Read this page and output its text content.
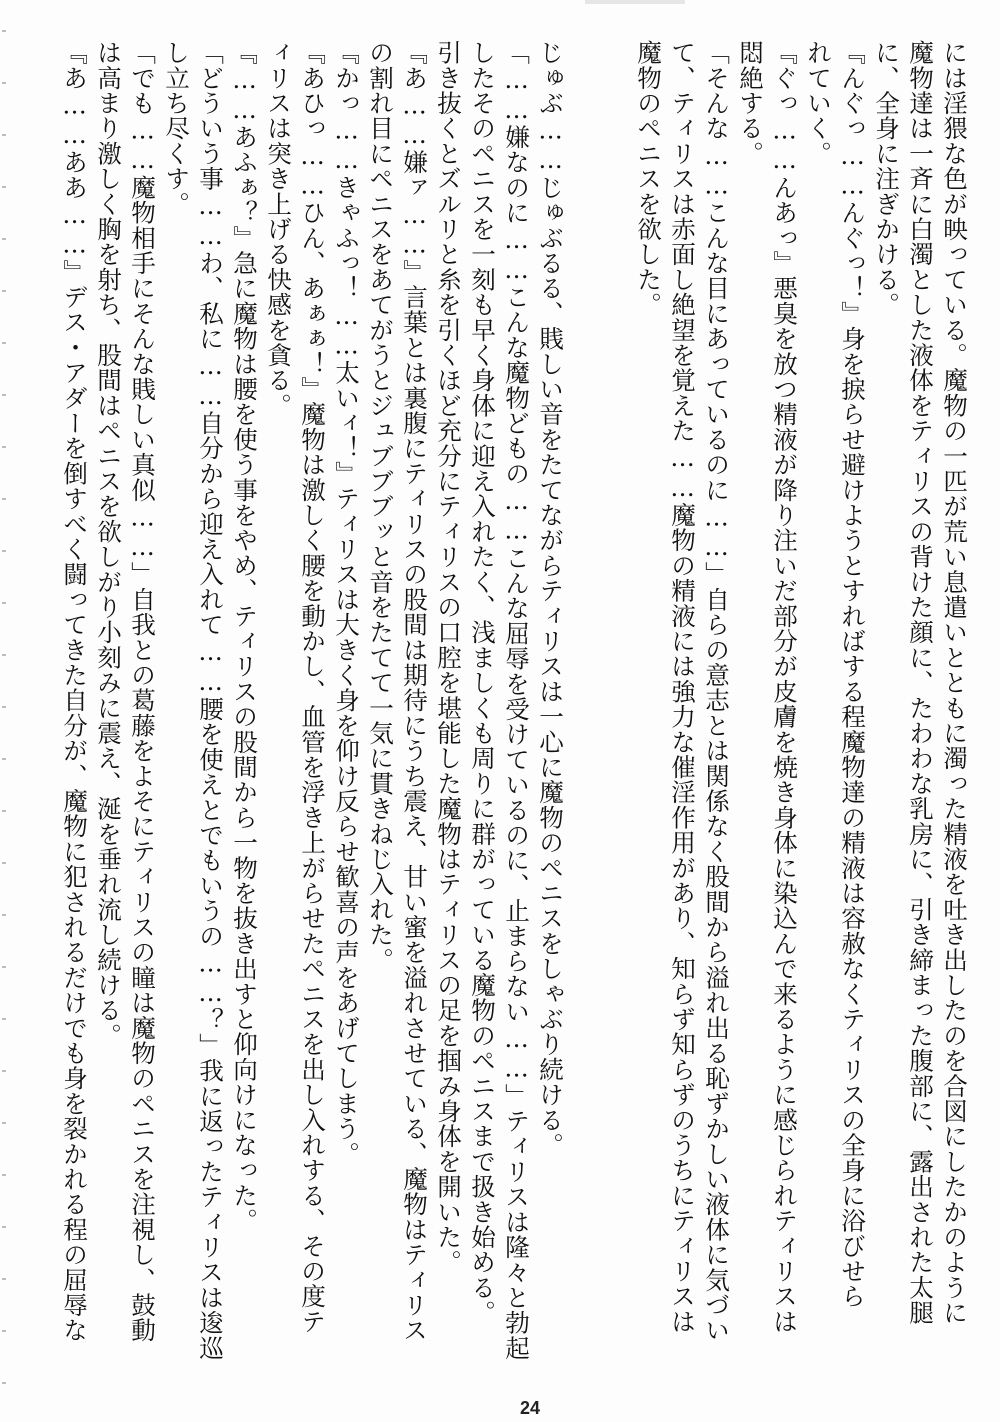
には淫猥な色が映っている。魔物の一匹が荒い息遣いとともに濁った精液を吐き出したのを合図にしたかのように
魔物達は一斉に白濁とした液体をティリスの背けた顔に、たわわな乳房に、引き締まった腹部に、露出された太腿
に、全身に注ぎかける。
『んぐっ……んぐっ！』身を捩らせ避けようとすればする程魔物達の精液は容赦なくティリスの全身に浴びせら
れていく。
『ぐっ……んあっ』悪臭を放つ精液が降り注いだ部分が皮膚を焼き身体に染込んで来るように感じられティリスは
悶絶する。
「そんな……こんな目にあっているのに……」自らの意志とは関係なく股間から溢れ出る恥ずかしい液体に気づい
て、ティリスは赤面し絶望を覚えた……魔物の精液には強力な催淫作用があり、知らず知らずのうちにティリスは
魔物のペニスを欲した。
じゅぶ……じゅぶるる、賎しい音をたてながらティリスは一心に魔物のペニスをしゃぶり続ける。
「……嫌なのに……こんな魔物どもの……こんな屈辱を受けているのに、止まらない……」ティリスは隆々と勃起
したそのペニスを一刻も早く身体に迎え入れたく、浅ましくも周りに群がっている魔物のペニスまで扱き始める。
引き抜くとズルリと糸を引くほど充分にティリスの口腔を堪能した魔物はティリスの足を掴み身体を開いた。
『あ……嫌ァ……』言葉とは裏腹にティリスの股間は期待にうち震え、甘い蜜を溢れさせている、魔物はティリス
の割れ目にペニスをあてがうとジュブブブッと音をたてて一気に貫きねじ入れた。
『かっ……きゃふっ！……太いィ！』ティリスは大きく身を仰け反らせ歓喜の声をあげてしまう。
『あひっ……ひん、あぁぁ！』魔物は激しく腰を動かし、血管を浮き上がらせたペニスを出し入れする、その度テ
ィリスは突き上げる快感を貪る。
『……あふぁ？』急に魔物は腰を使う事をやめ、ティリスの股間から一物を抜き出すと仰向けになった。
「どういう事……わ、私に……自分から迎え入れて……腰を使えとでもいうの……？」我に返ったティリスは逡巡
し立ち尽くす。
「でも……魔物相手にそんな賎しい真似……」自我との葛藤をよそにティリスの瞳は魔物のペニスを注視し、鼓動
は高まり激しく胸を射ち、股間はペニスを欲しがり小刻みに震え、涎を垂れ流し続ける。
『あ……ああ……』デス・アダーを倒すべく闘ってきた自分が、魔物に犯されるだけでも身を裂かれる程の屈辱な
24
